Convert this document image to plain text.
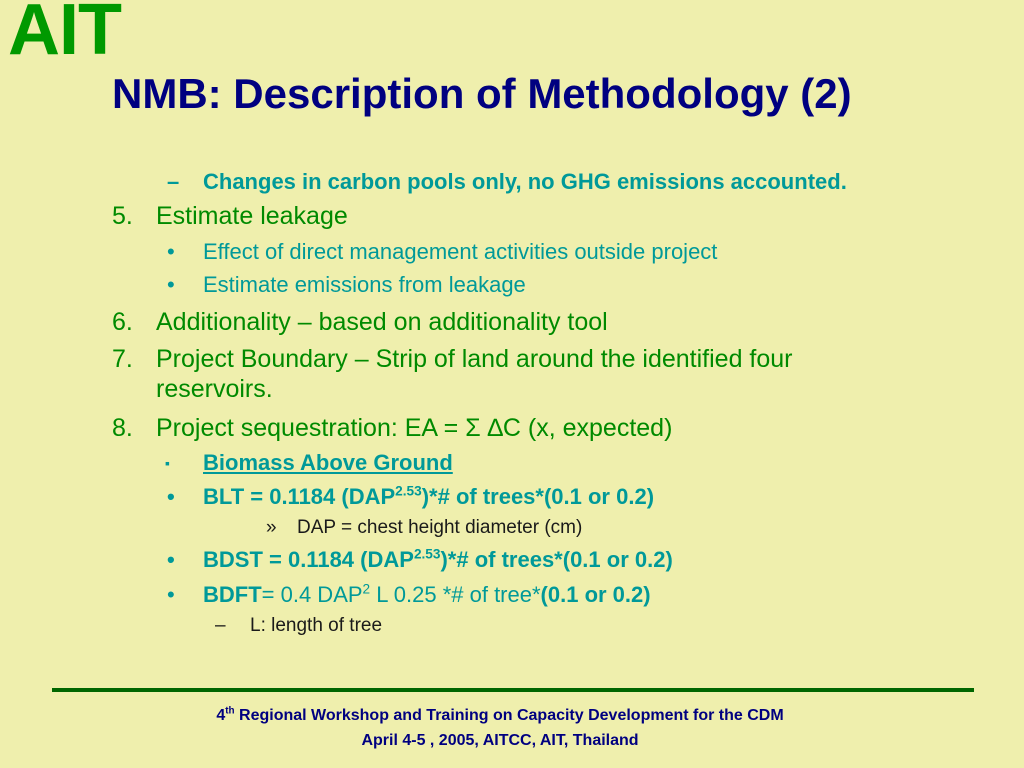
AIT
NMB: Description of Methodology (2)
– Changes in carbon pools only, no GHG emissions accounted.
5. Estimate leakage
• Effect of direct management activities outside project
• Estimate emissions from leakage
6. Additionality – based on additionality tool
7. Project Boundary – Strip of land around the identified four
reservoirs.
8. Project sequestration: EA = Σ ∆C (x, expected)
▪ Biomass Above Ground
• BLT = 0.1184 $(DAP^{2.53})*\#$ of trees*(0.1 or 0.2)
» DAP = chest height diameter (cm)
• BDST = 0.1184 $(DAP^{2.53})*\#$ of trees*(0.1 or 0.2)
• BDFT= 0.4 DAP$^2$ L 0.25 *# of tree*(0.1 or 0.2)
– L: length of tree
4th Regional Workshop and Training on Capacity Development for the CDM
April 4-5 , 2005, AITCC, AIT, Thailand
